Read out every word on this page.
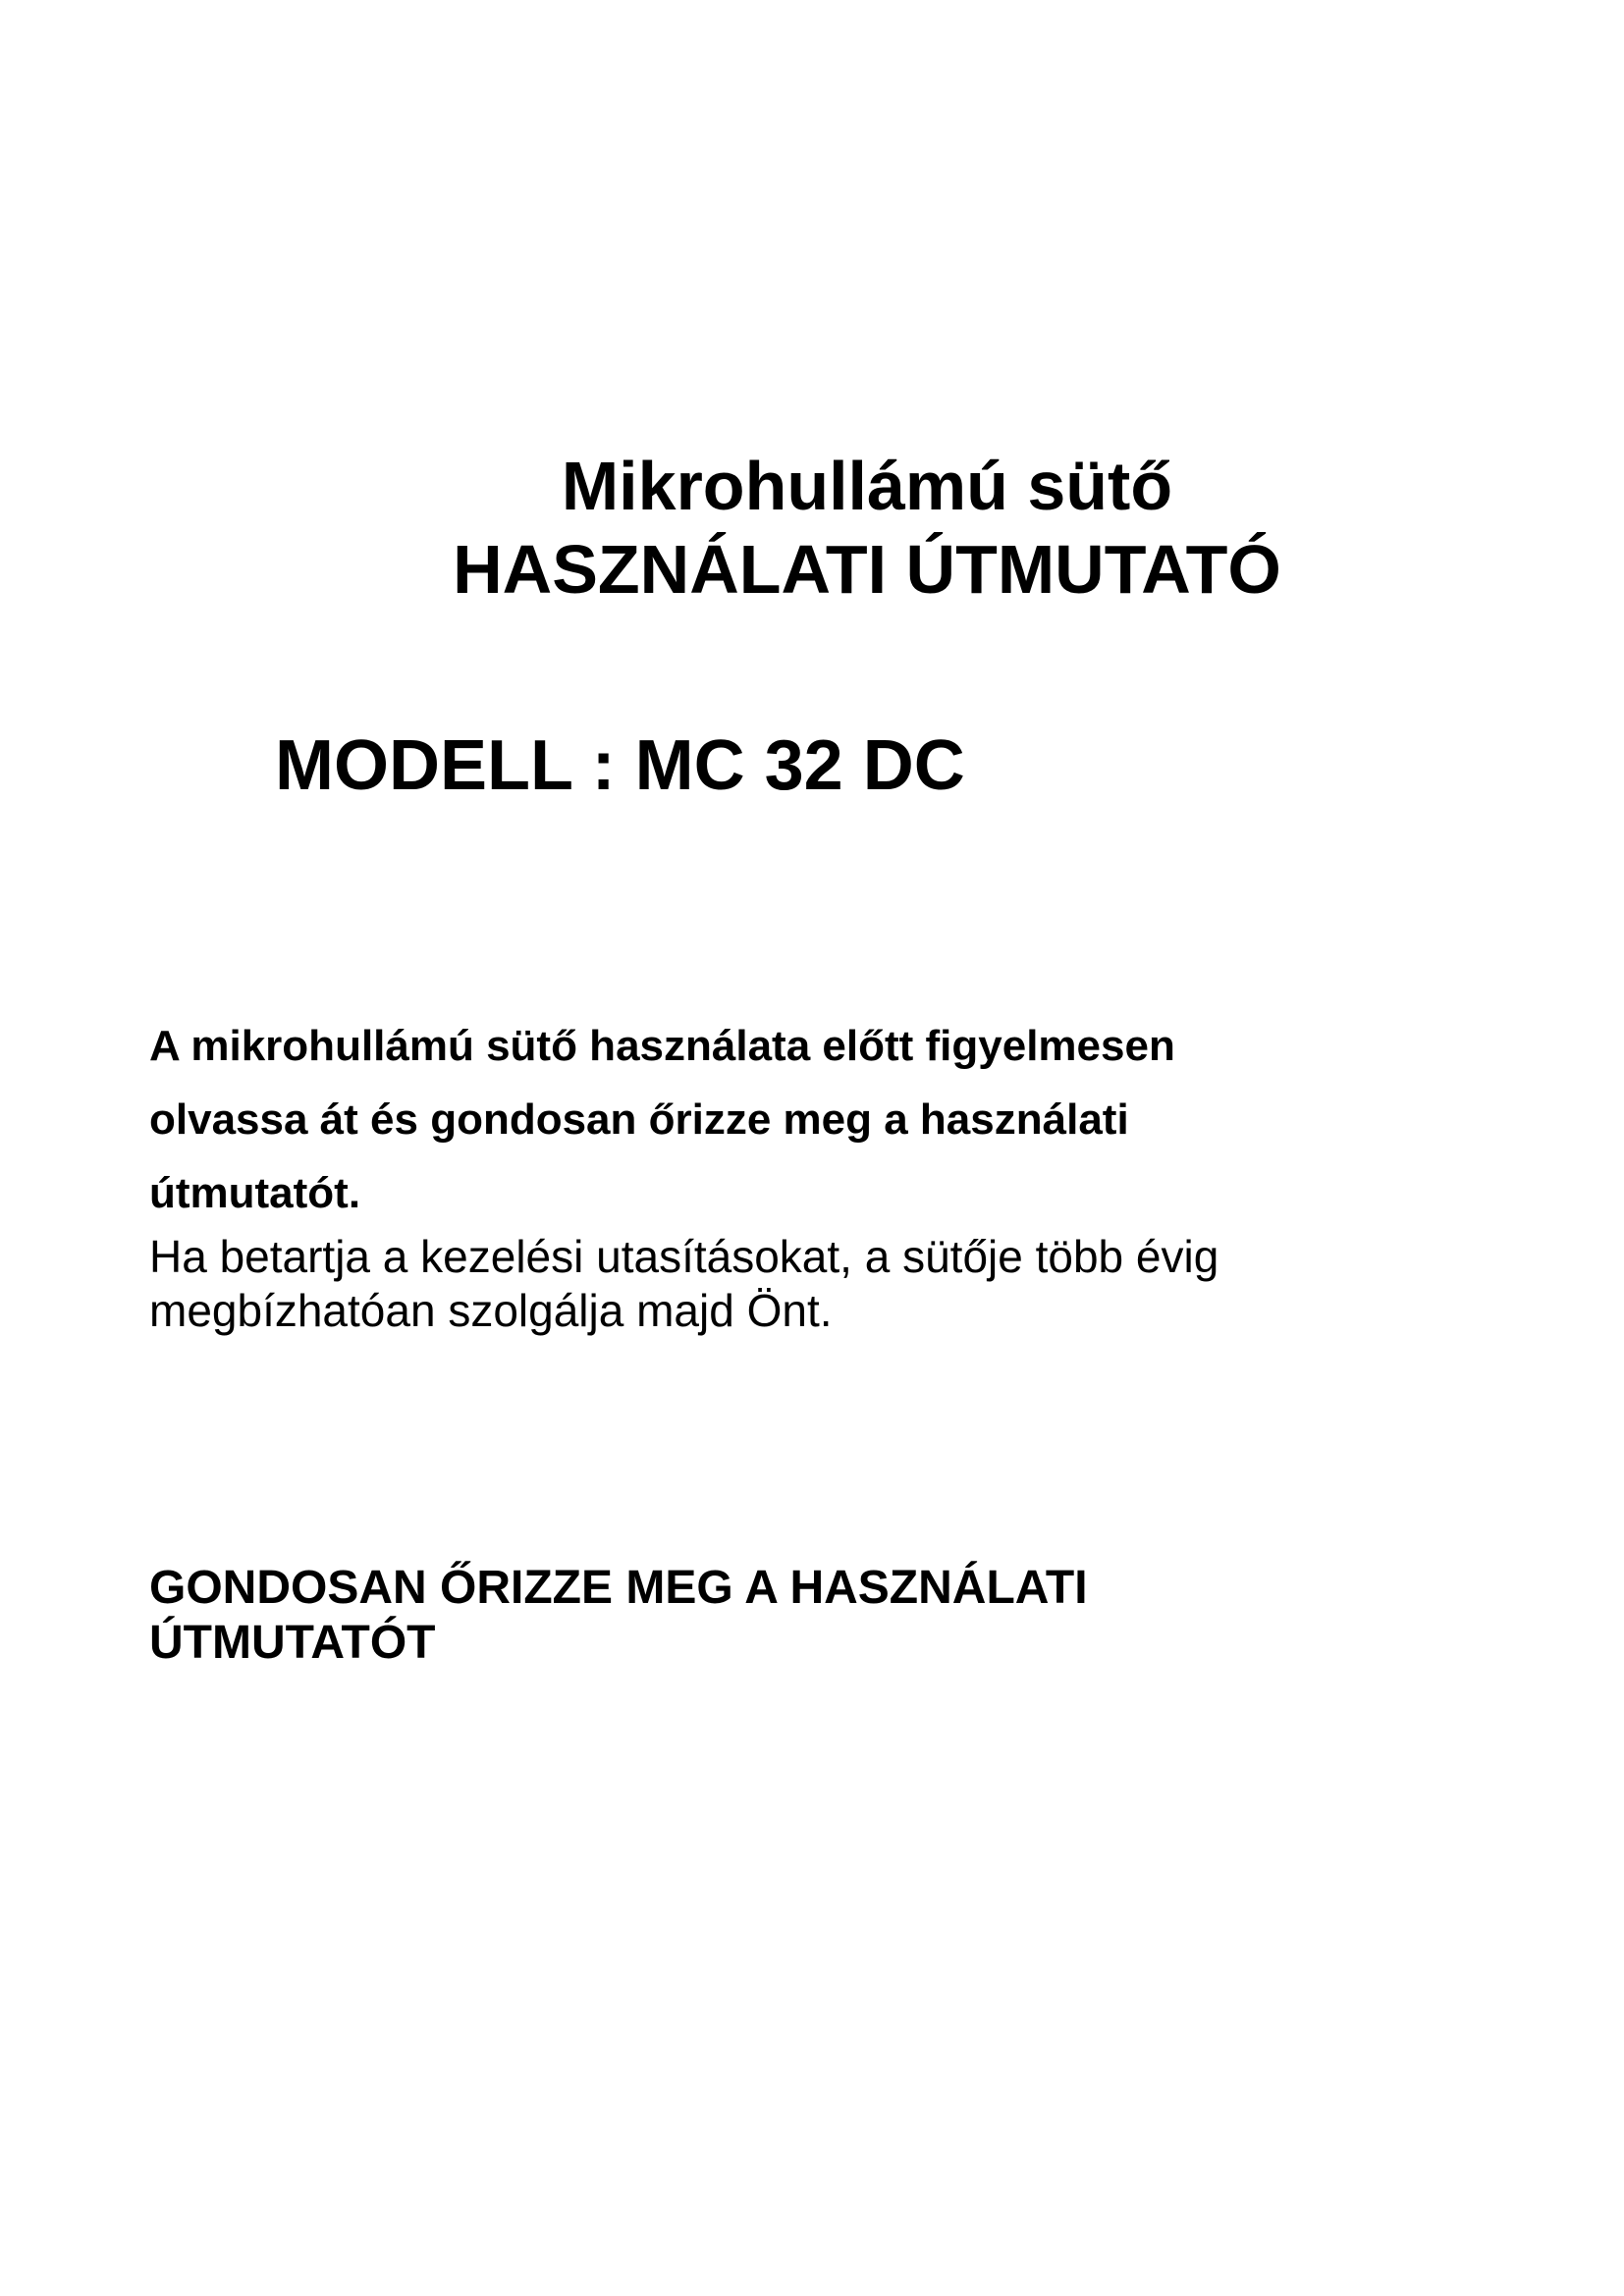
Mikrohullámú sütő
HASZNÁLATI ÚTMUTATÓ
MODELL : MC 32 DC

A mikrohullámú sütő használata előtt figyelmesen

olvassa át és gondosan őrizze meg a használati

útmutatót.

Ha betartja a kezelési utasításokat, a sütője több évig

megbízhatóan szolgálja majd Önt.

GONDOSAN ŐRIZZE MEG A HASZNÁLATI

ÚTMUTATÓT
